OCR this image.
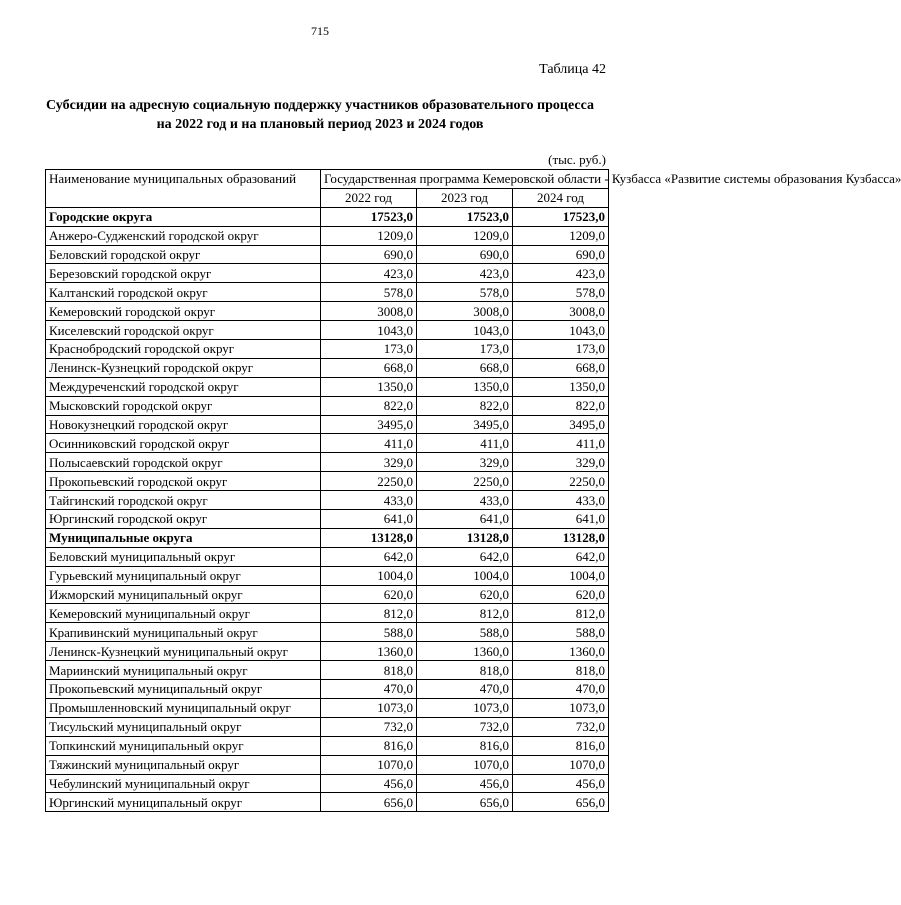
715
Таблица 42
Субсидии на адресную социальную поддержку участников образовательного процесса
на 2022 год и на плановый период 2023 и 2024 годов
(тыс. руб.)
Наименование муниципальных образований	Государственная программа Кемеровской области - Кузбасса «Развитие системы образования Кузбасса»		
	2022 год	2023 год	2024 год
Городские округа	17523,0	17523,0	17523,0
Анжеро-Судженский городской округ	1209,0	1209,0	1209,0
Беловский городской округ	690,0	690,0	690,0
Березовский городской округ	423,0	423,0	423,0
Калтанский городской округ	578,0	578,0	578,0
Кемеровский городской округ	3008,0	3008,0	3008,0
Киселевский городской округ	1043,0	1043,0	1043,0
Краснобродский городской округ	173,0	173,0	173,0
Ленинск-Кузнецкий городской округ	668,0	668,0	668,0
Междуреченский городской округ	1350,0	1350,0	1350,0
Мысковский городской округ	822,0	822,0	822,0
Новокузнецкий городской округ	3495,0	3495,0	3495,0
Осинниковский городской округ	411,0	411,0	411,0
Полысаевский городской округ	329,0	329,0	329,0
Прокопьевский городской округ	2250,0	2250,0	2250,0
Тайгинский городской округ	433,0	433,0	433,0
Юргинский городской округ	641,0	641,0	641,0
Муниципальные округа	13128,0	13128,0	13128,0
Беловский муниципальный округ	642,0	642,0	642,0
Гурьевский муниципальный округ	1004,0	1004,0	1004,0
Ижморский муниципальный округ	620,0	620,0	620,0
Кемеровский муниципальный округ	812,0	812,0	812,0
Крапивинский муниципальный округ	588,0	588,0	588,0
Ленинск-Кузнецкий муниципальный округ	1360,0	1360,0	1360,0
Мариинский муниципальный округ	818,0	818,0	818,0
Прокопьевский муниципальный округ	470,0	470,0	470,0
Промышленновский муниципальный округ	1073,0	1073,0	1073,0
Тисульский муниципальный округ	732,0	732,0	732,0
Топкинский муниципальный округ	816,0	816,0	816,0
Тяжинский муниципальный округ	1070,0	1070,0	1070,0
Чебулинский муниципальный округ	456,0	456,0	456,0
Юргинский муниципальный округ	656,0	656,0	656,0
